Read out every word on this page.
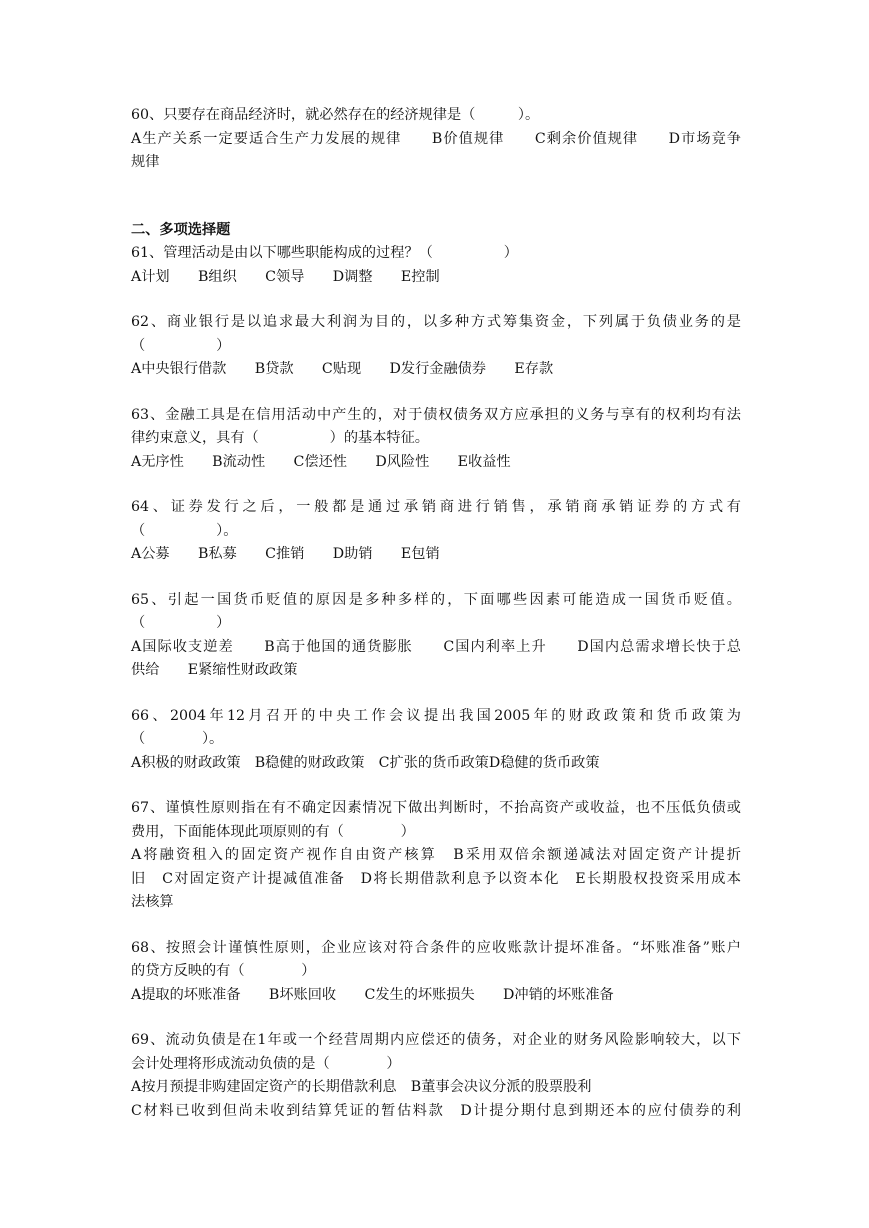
60、只要存在商品经济时，就必然存在的经济规律是（　　　）。
A生产关系一定要适合生产力发展的规律　　B价值规律　　C剩余价值规律　　D市场竞争
规律
二、多项选择题
61、管理活动是由以下哪些职能构成的过程？（　　　　　）
A计划　　B组织　　C领导　　D调整　　E控制
62、商业银行是以追求最大利润为目的，以多种方式筹集资金，下列属于负债业务的是
（　　　　　）
A中央银行借款　　B贷款　　C贴现　　D发行金融债券　　E存款
63、金融工具是在信用活动中产生的，对于债权债务双方应承担的义务与享有的权利均有法
律约束意义，具有（　　　　　）的基本特征。
A无序性　　B流动性　　C偿还性　　D风险性　　E收益性
64、证券发行之后，一般都是通过承销商进行销售，承销商承销证券的方式有
（　　　　　）。
A公募　　B私募　　C推销　　D助销　　E包销
65、引起一国货币贬值的原因是多种多样的，下面哪些因素可能造成一国货币贬值。
（　　　　　）
A国际收支逆差　　B高于他国的通货膨胀　　C国内利率上升　　D国内总需求增长快于总
供给　　E紧缩性财政政策
66、2004年12月召开的中央工作会议提出我国2005年的财政政策和货币政策为
（　　　　）。
A积极的财政政策　B稳健的财政政策　C扩张的货币政策D稳健的货币政策
67、谨慎性原则指在有不确定因素情况下做出判断时，不抬高资产或收益，也不压低负债或
费用，下面能体现此项原则的有（　　　　）
A将融资租入的固定资产视作自由资产核算　B采用双倍余额递减法对固定资产计提折
旧　C对固定资产计提减值准备　D将长期借款利息予以资本化　E长期股权投资采用成本
法核算
68、按照会计谨慎性原则，企业应该对符合条件的应收账款计提坏准备。“坏账准备”账户
的贷方反映的有（　　　　）
A提取的坏账准备　　B坏账回收　　C发生的坏账损失　　D冲销的坏账准备
69、流动负债是在1年或一个经营周期内应偿还的债务，对企业的财务风险影响较大，以下
会计处理将形成流动负债的是（　　　　）
A按月预提非购建固定资产的长期借款利息　B董事会决议分派的股票股利
C材料已收到但尚未收到结算凭证的暂估料款　D计提分期付息到期还本的应付债券的利
